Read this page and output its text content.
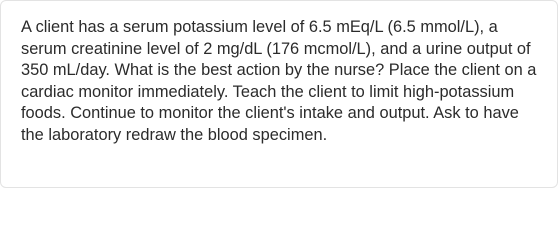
A client has a serum potassium level of 6.5 mEq/L (6.5 mmol/L), a serum creatinine level of 2 mg/dL (176 mcmol/L), and a urine output of 350 mL/day. What is the best action by the nurse? Place the client on a cardiac monitor immediately. Teach the client to limit high-potassium foods. Continue to monitor the client's intake and output. Ask to have the laboratory redraw the blood specimen.
